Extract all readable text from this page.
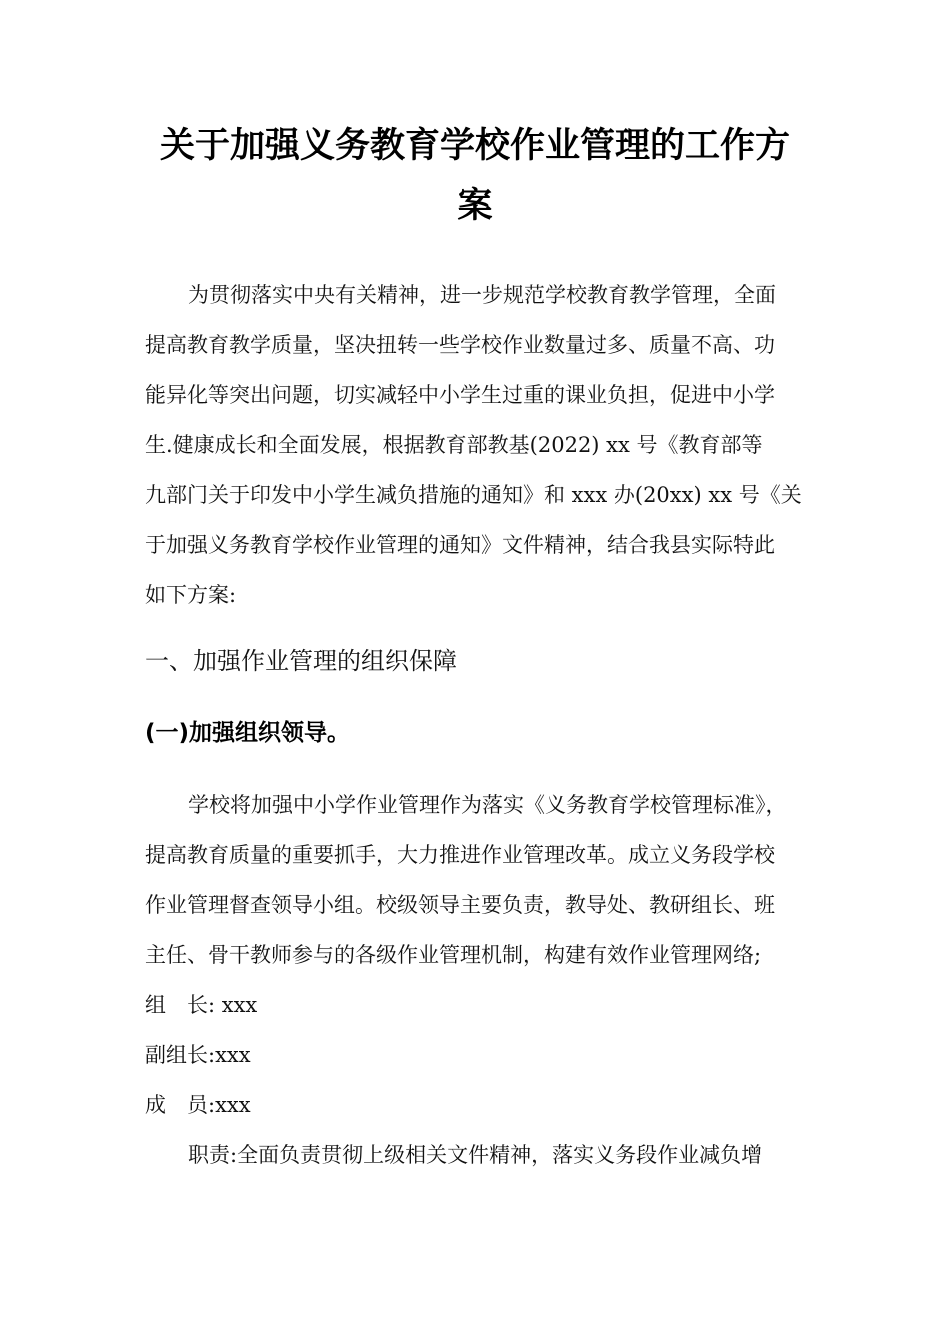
关于加强义务教育学校作业管理的工作方
案
为贯彻落实中央有关精神，进一步规范学校教育教学管理，全面
提高教育教学质量，坚决扭转一些学校作业数量过多、质量不高、功
能异化等突出问题，切实减轻中小学生过重的课业负担，促进中小学
生.健康成长和全面发展，根据教育部教基(2022) xx 号《教育部等
九部门关于印发中小学生减负措施的通知》和 xxx 办(20xx) xx 号《关
于加强义务教育学校作业管理的通知》文件精神，结合我县实际特此
如下方案:
一、加强作业管理的组织保障
(一)加强组织领导。
学校将加强中小学作业管理作为落实《义务教育学校管理标准》，
提高教育质量的重要抓手，大力推进作业管理改革。成立义务段学校
作业管理督查领导小组。校级领导主要负责，教导处、教研组长、班
主任、骨干教师参与的各级作业管理机制，构建有效作业管理网络;
组　长: xxx
副组长:xxx
成　员:xxx
职责:全面负责贯彻上级相关文件精神，落实义务段作业减负增
